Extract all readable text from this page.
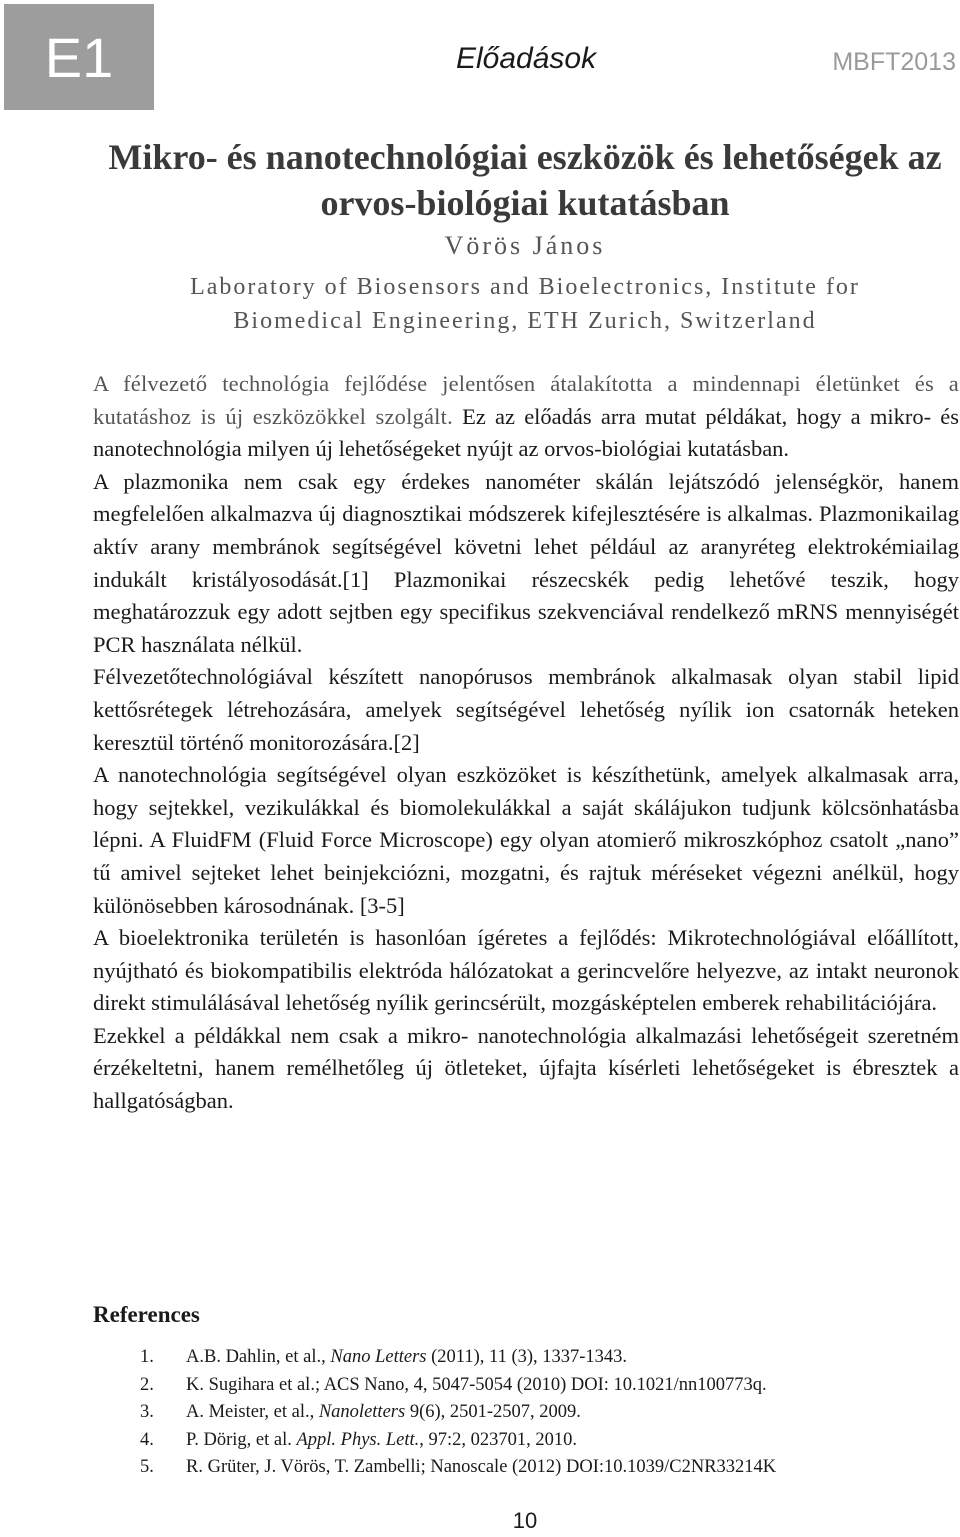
E1	Előadások	MBFT2013
Mikro- és nanotechnológiai eszközök és lehetőségek az
orvos-biológiai kutatásban
Vörös János
Laboratory of Biosensors and Bioelectronics, Institute for
Biomedical Engineering, ETH Zurich, Switzerland

A félvezető technológia fejlődése jelentősen átalakította a mindennapi életünket és a kutatáshoz is új eszközökkel szolgált. Ez az előadás arra mutat példákat, hogy a mikro- és nanotechnológia milyen új lehetőségeket nyújt az orvos-biológiai kutatásban.

A plazmonika nem csak egy érdekes nanométer skálán lejátszódó jelenségkör, hanem megfelelően alkalmazva új diagnosztikai módszerek kifejlesztésére is alkalmas. Plazmonikailag aktív arany membránok segítségével követni lehet például az aranyréteg elektrokémiailag indukált kristályosodását.[1] Plazmonikai részecskék pedig lehetővé teszik, hogy meghatározzuk egy adott sejtben egy specifikus szekvenciával rendelkező mRNS mennyiségét PCR használata nélkül.

Félvezetőtechnológiával készített nanopórusos membránok alkalmasak olyan stabil lipid kettősrétegek létrehozására, amelyek segítségével lehetőség nyílik ion csatornák heteken keresztül történő monitorozására.[2]

A nanotechnológia segítségével olyan eszközöket is készíthetünk, amelyek alkalmasak arra, hogy sejtekkel, vezikulákkal és biomolekulákkal a saját skálájukon tudjunk kölcsönhatásba lépni. A FluidFM (Fluid Force Microscope) egy olyan atomierő mikroszkóphoz csatolt „nano” tű amivel sejteket lehet beinjekciózni, mozgatni, és rajtuk méréseket végezni anélkül, hogy különösebben károsodnának. [3-5]

A bioelektronika területén is hasonlóan ígéretes a fejlődés: Mikrotechnológiával előállított, nyújtható és biokompatibilis elektróda hálózatokat a gerincvelőre helyezve, az intakt neuronok direkt stimulálásával lehetőség nyílik gerincsérült, mozgásképtelen emberek rehabilitációjára.

Ezekkel a példákkal nem csak a mikro- nanotechnológia alkalmazási lehetőségeit szeretném érzékeltetni, hanem remélhetőleg új ötleteket, újfajta kísérleti lehetőségeket is ébresztek a hallgatóságban.

References
1.	A.B. Dahlin, et al., Nano Letters (2011), 11 (3), 1337-1343.
2.	K. Sugihara et al.; ACS Nano, 4, 5047-5054 (2010) DOI: 10.1021/nn100773q.
3.	A. Meister, et al., Nanoletters 9(6), 2501-2507, 2009.
4.	P. Dörig, et al. Appl. Phys. Lett., 97:2, 023701, 2010.
5.	R. Grüter, J. Vörös, T. Zambelli; Nanoscale (2012) DOI:10.1039/C2NR33214K
10
